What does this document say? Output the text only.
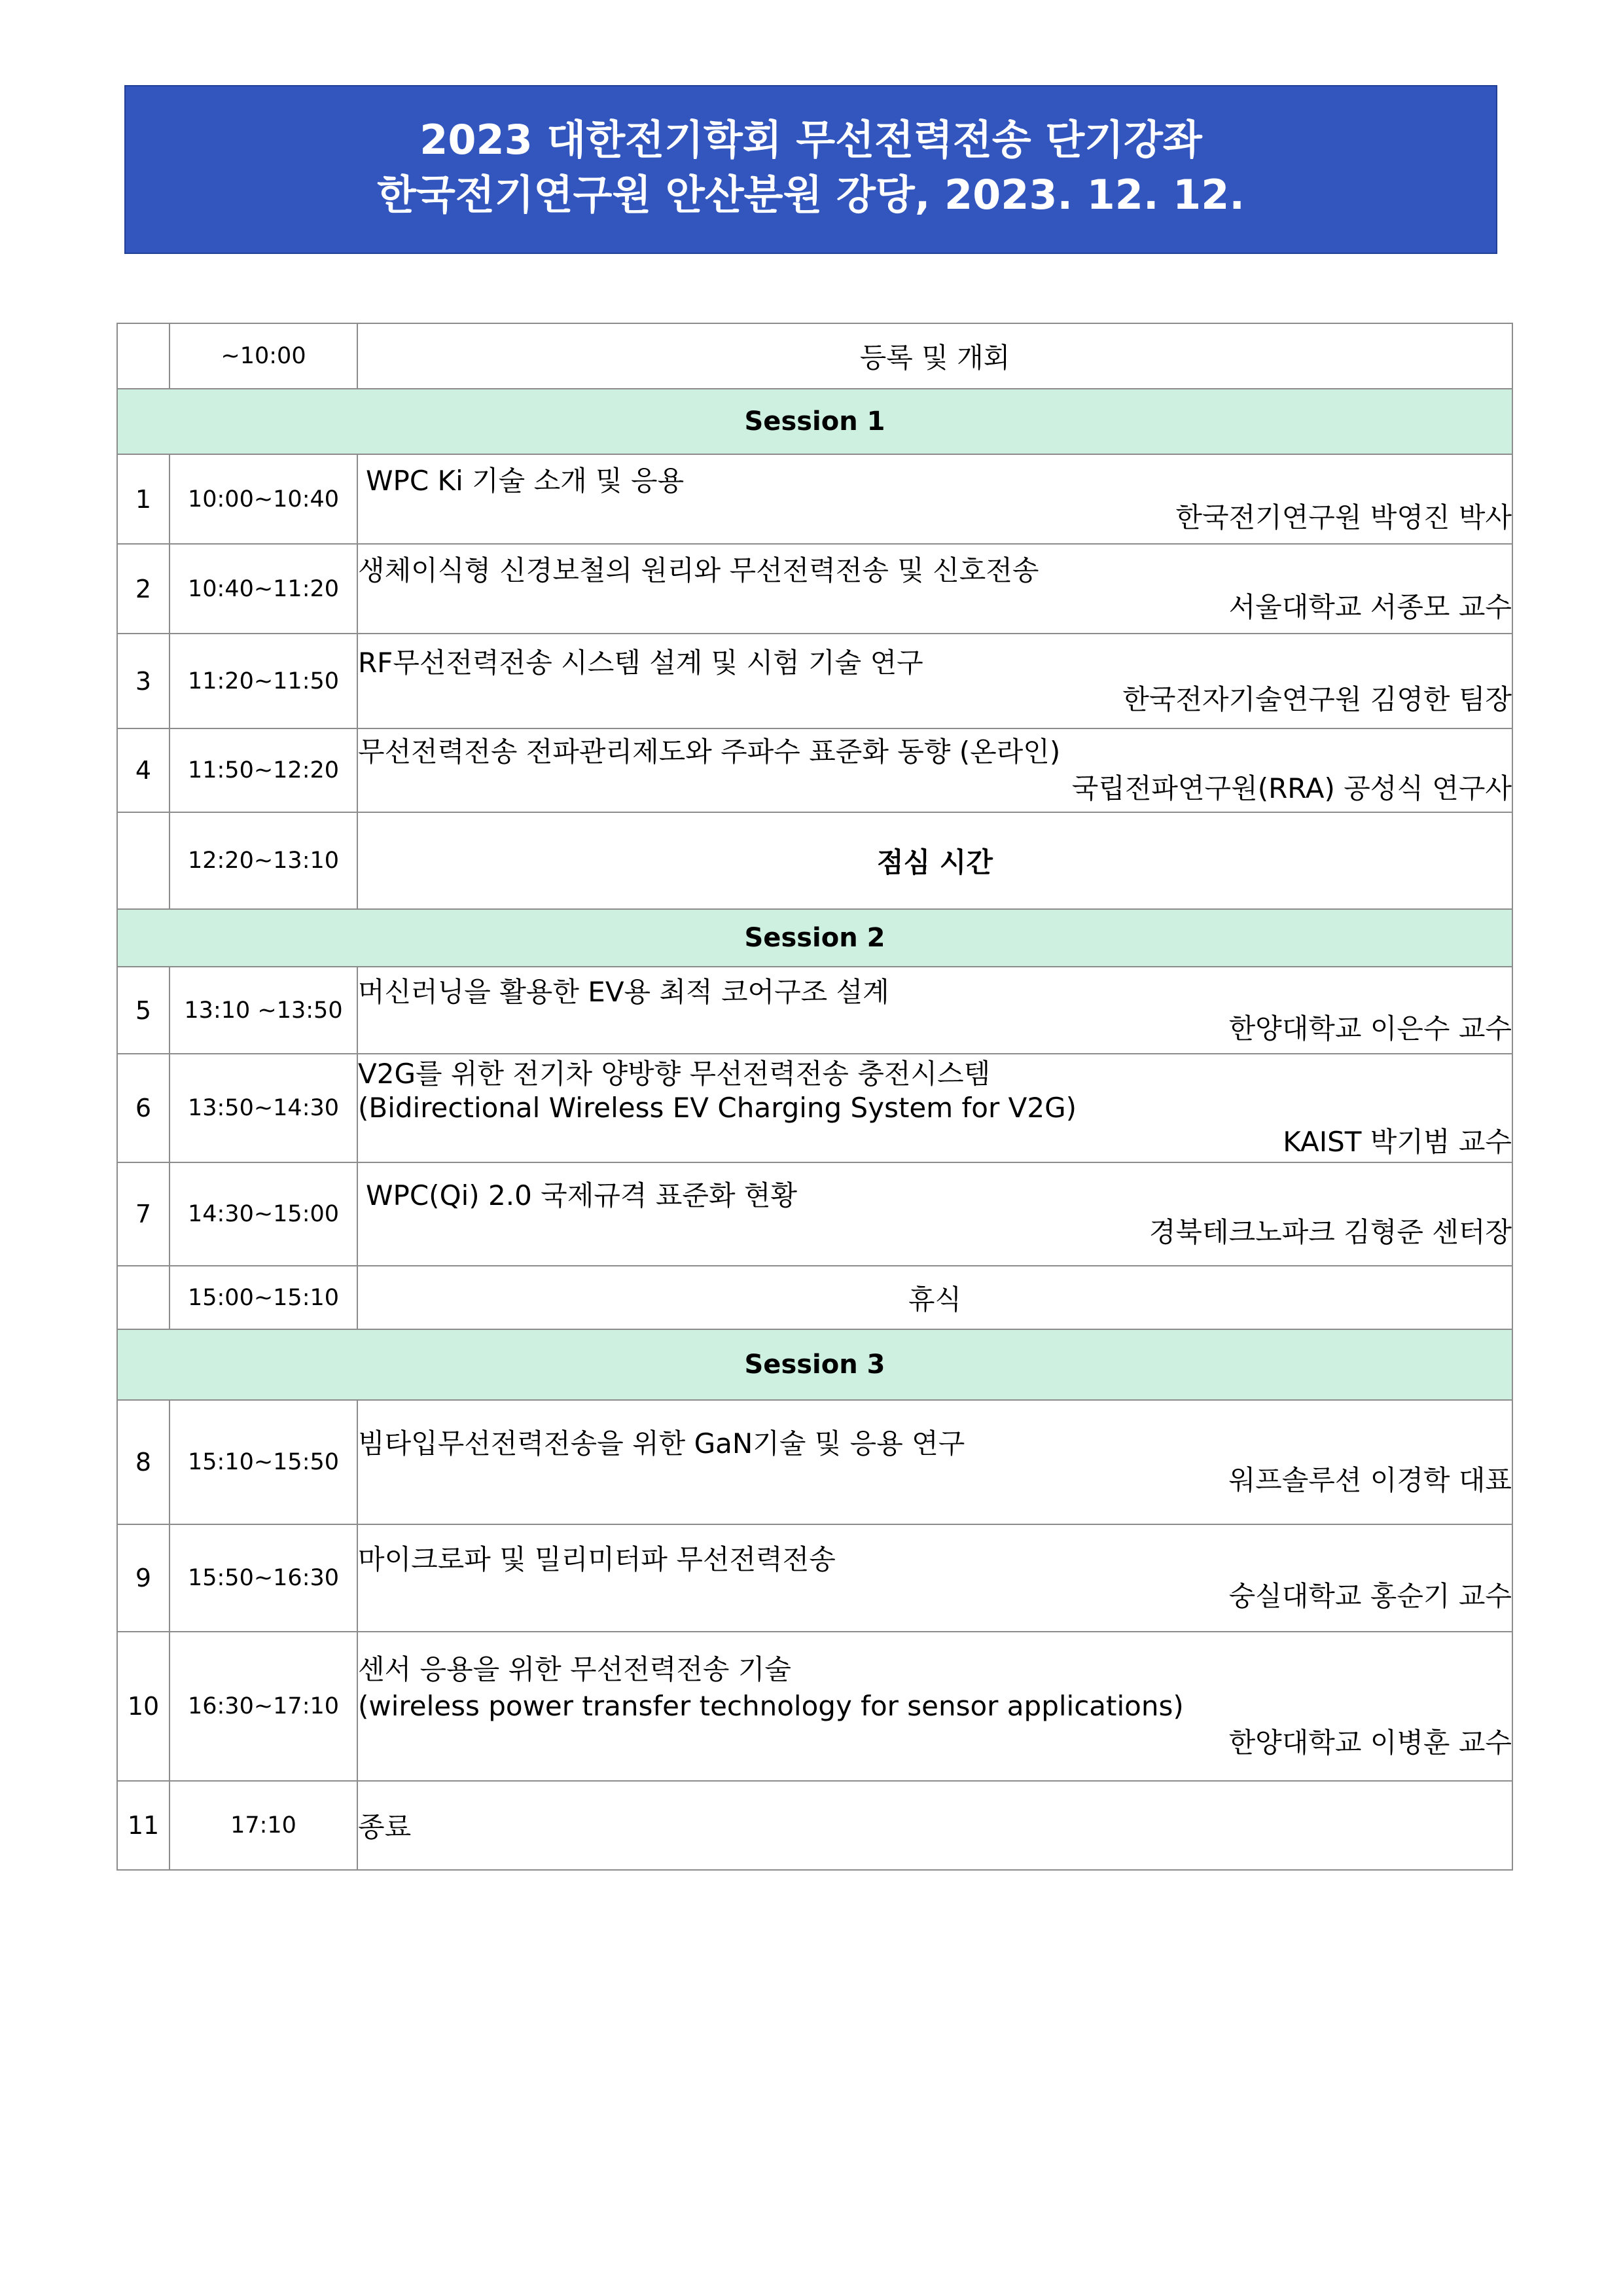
2023 대한전기학회 무선전력전송 단기강좌
한국전기연구원 안산분원 강당, 2023. 12. 12.
	~10:00	등록 및 개회
Session 1		
1	10:00~10:40	WPC Ki 기술 소개 및 응용
한국전기연구원 박영진 박사

2	10:40~11:20	생체이식형 신경보철의 원리와 무선전력전송 및 신호전송
서울대학교 서종모 교수

3	11:20~11:50	RF무선전력전송 시스템 설계 및 시험 기술 연구
한국전자기술연구원 김영한 팀장

4	11:50~12:20	무선전력전송 전파관리제도와 주파수 표준화 동향 (온라인)
국립전파연구원(RRA) 공성식 연구사

	12:20~13:10	점심 시간
Session 2		
5	13:10 ~13:50	머신러닝을 활용한 EV용 최적 코어구조 설계
한양대학교 이은수 교수

6	13:50~14:30	V2G를 위한 전기차 양방향 무선전력전송 충전시스템
(Bidirectional Wireless EV Charging System for V2G)
KAIST 박기범 교수

7	14:30~15:00	WPC(Qi) 2.0 국제규격 표준화 현황
경북테크노파크 김형준 센터장

	15:00~15:10	휴식
Session 3		
8	15:10~15:50	빔타입무선전력전송을 위한 GaN기술 및 응용 연구
워프솔루션 이경학 대표

9	15:50~16:30	마이크로파 및 밀리미터파 무선전력전송
숭실대학교 홍순기 교수

10	16:30~17:10	센서 응용을 위한 무선전력전송 기술
(wireless power transfer technology for sensor applications)
한양대학교 이병훈 교수

11	17:10	종료
